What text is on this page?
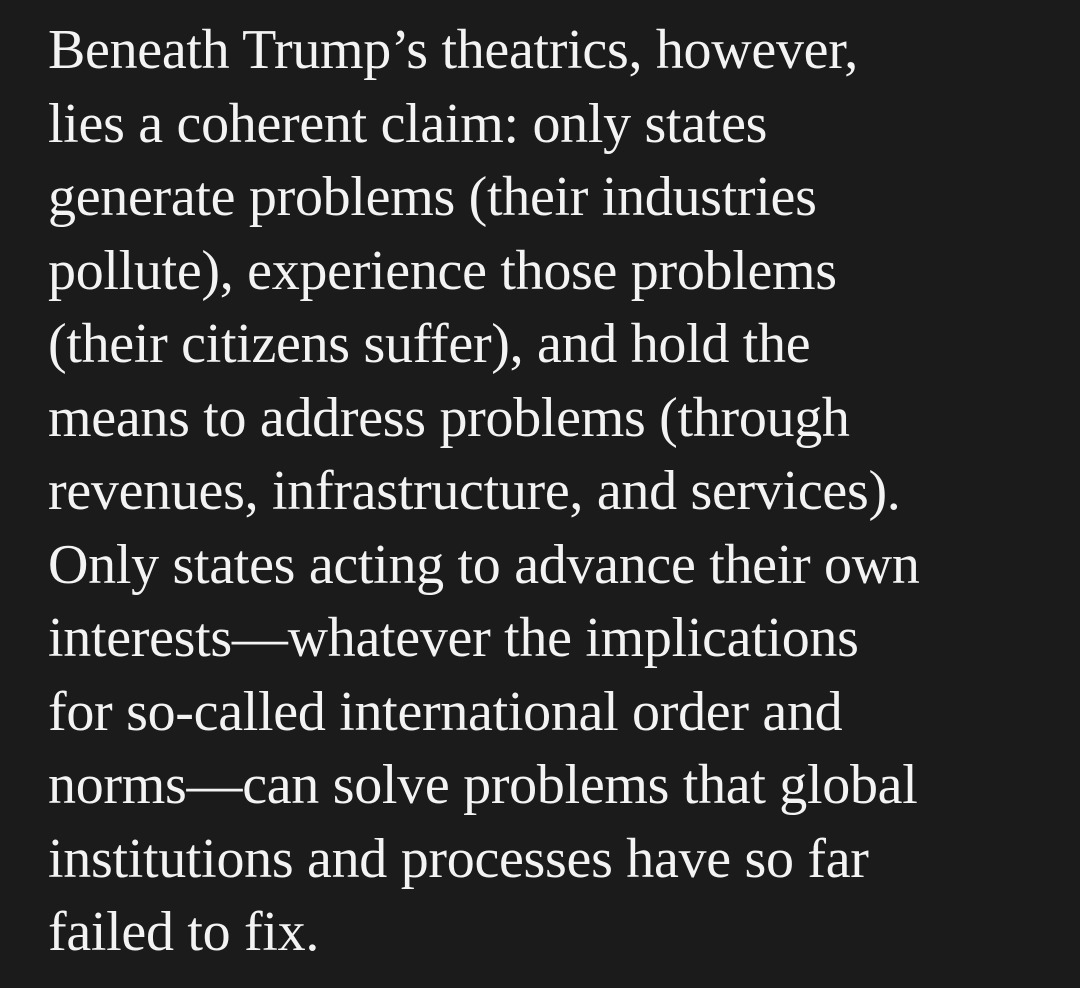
Beneath Trump’s theatrics, however,
lies a coherent claim: only states
generate problems (their industries
pollute), experience those problems
(their citizens suffer), and hold the
means to address problems (through
revenues, infrastructure, and services).
Only states acting to advance their own
interests—whatever the implications
for so-called international order and
norms—can solve problems that global
institutions and processes have so far
failed to fix.
